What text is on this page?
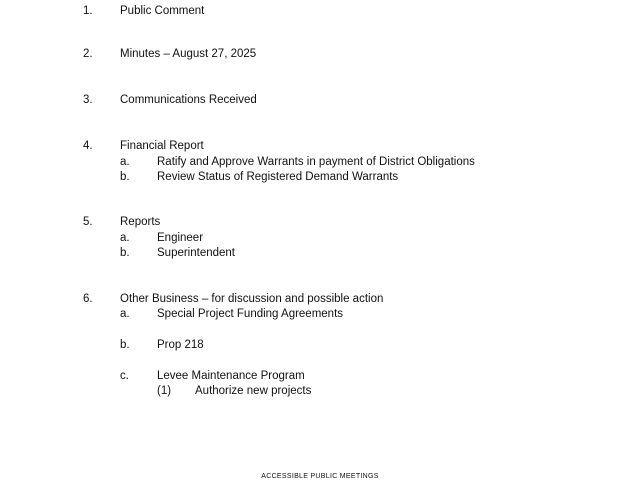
1. Public Comment
2. Minutes – August 27, 2025
3. Communications Received
4. Financial Report
a. Ratify and Approve Warrants in payment of District Obligations
b. Review Status of Registered Demand Warrants
5. Reports
a. Engineer
b. Superintendent
6. Other Business – for discussion and possible action
a. Special Project Funding Agreements
b. Prop 218
c. Levee Maintenance Program
(1) Authorize new projects
ACCESSIBLE PUBLIC MEETINGS
